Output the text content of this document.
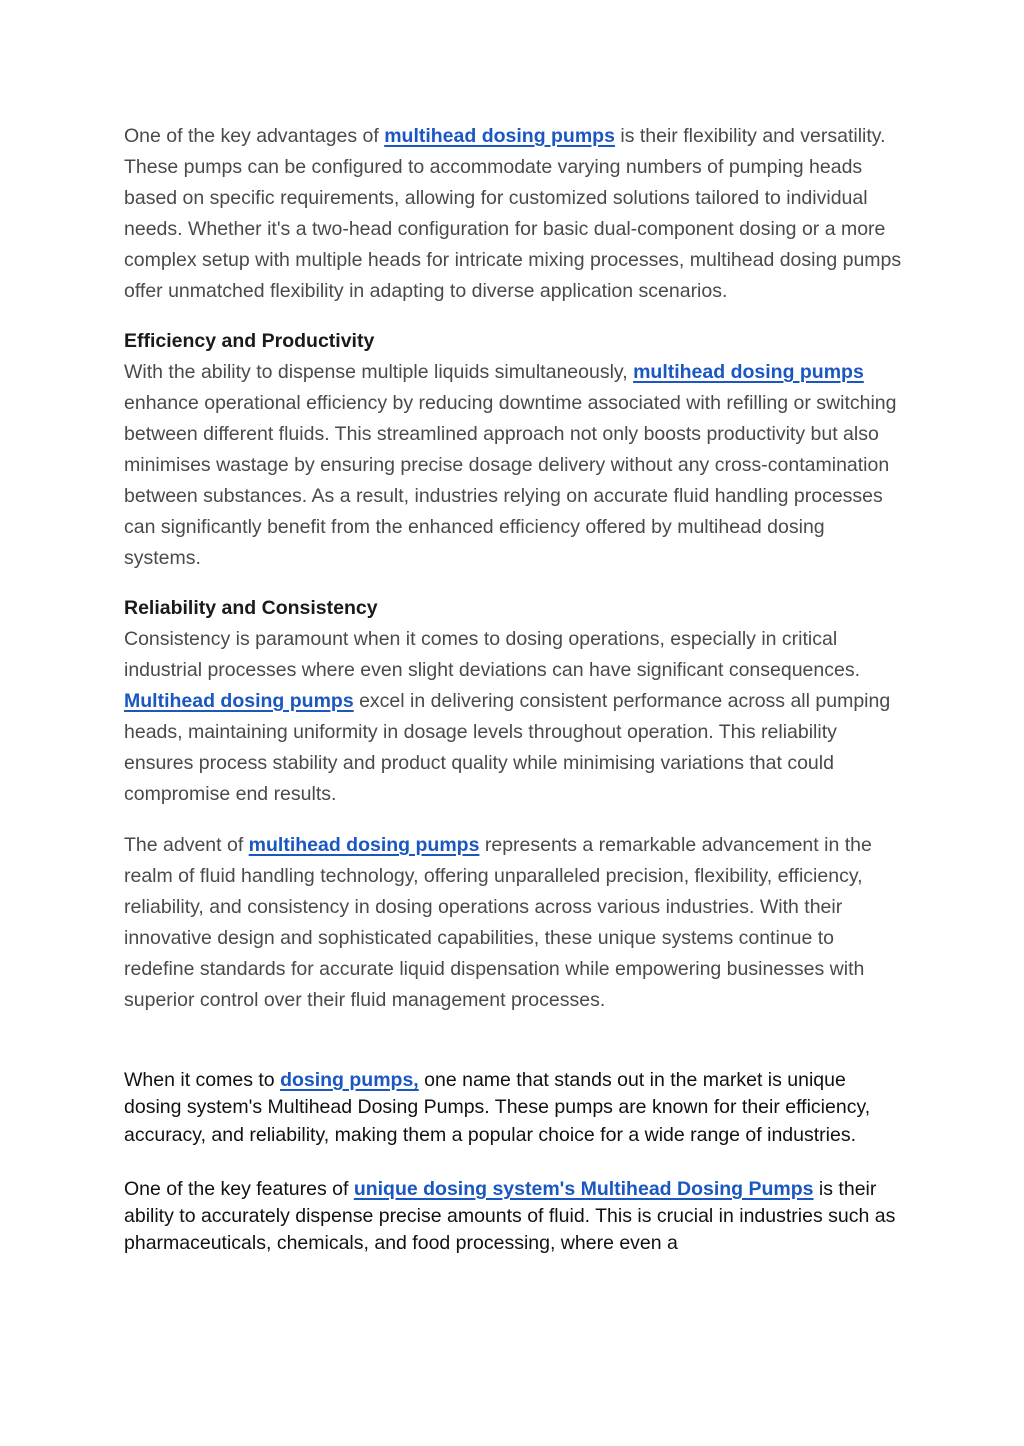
One of the key advantages of multihead dosing pumps is their flexibility and versatility. These pumps can be configured to accommodate varying numbers of pumping heads based on specific requirements, allowing for customized solutions tailored to individual needs. Whether it's a two-head configuration for basic dual-component dosing or a more complex setup with multiple heads for intricate mixing processes, multihead dosing pumps offer unmatched flexibility in adapting to diverse application scenarios.

Efficiency and Productivity

With the ability to dispense multiple liquids simultaneously, multihead dosing pumps enhance operational efficiency by reducing downtime associated with refilling or switching between different fluids. This streamlined approach not only boosts productivity but also minimises wastage by ensuring precise dosage delivery without any cross-contamination between substances. As a result, industries relying on accurate fluid handling processes can significantly benefit from the enhanced efficiency offered by multihead dosing systems.

Reliability and Consistency

Consistency is paramount when it comes to dosing operations, especially in critical industrial processes where even slight deviations can have significant consequences. Multihead dosing pumps excel in delivering consistent performance across all pumping heads, maintaining uniformity in dosage levels throughout operation. This reliability ensures process stability and product quality while minimising variations that could compromise end results.

The advent of multihead dosing pumps represents a remarkable advancement in the realm of fluid handling technology, offering unparalleled precision, flexibility, efficiency, reliability, and consistency in dosing operations across various industries. With their innovative design and sophisticated capabilities, these unique systems continue to redefine standards for accurate liquid dispensation while empowering businesses with superior control over their fluid management processes.

When it comes to dosing pumps, one name that stands out in the market is unique dosing system's Multihead Dosing Pumps. These pumps are known for their efficiency, accuracy, and reliability, making them a popular choice for a wide range of industries.

One of the key features of unique dosing system's Multihead Dosing Pumps is their ability to accurately dispense precise amounts of fluid. This is crucial in industries such as pharmaceuticals, chemicals, and food processing, where even a
